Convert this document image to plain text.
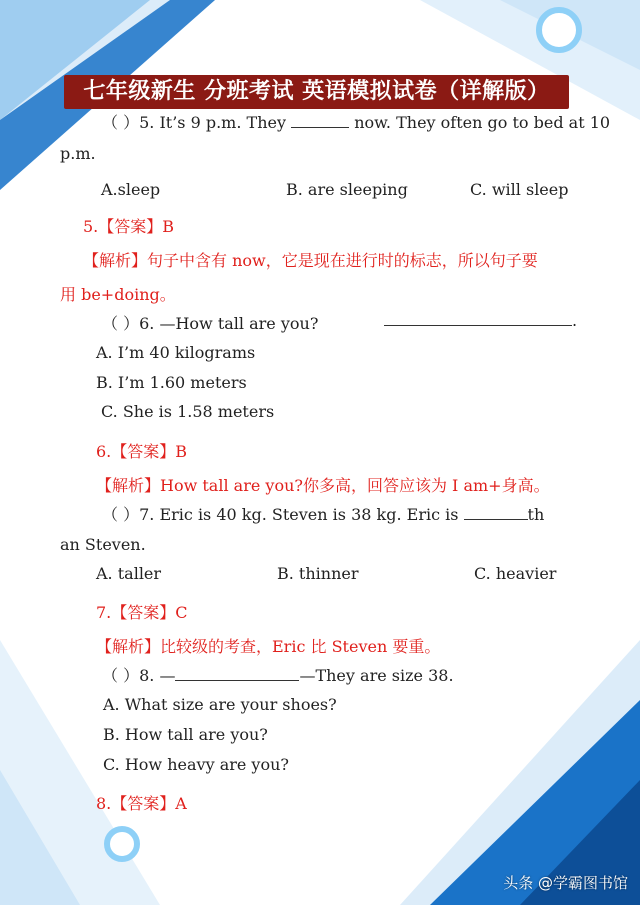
七年级新生 分班考试 英语模拟试卷（详解版）
（ ）5. It’s 9 p.m. They	now. They often go to bed at 10
p.m.
A.sleep	B. are sleeping	C. will sleep
5.【答案】B
【解析】句子中含有 now，它是现在进行时的标志，所以句子要
用 be+doing。
（ ）6. —How tall are you?	.
A. I’m 40 kilograms
B. I’m 1.60 meters
C. She is 1.58 meters
6.【答案】B
【解析】How tall are you?你多高，回答应该为 I am+身高。
（ ）7. Eric is 40 kg. Steven is 38 kg. Eric is	th
an Steven.
A. taller	B. thinner	C. heavier
7.【答案】C
【解析】比较级的考查，Eric 比 Steven 要重。
（ ）8. —	—They are size 38.
A. What size are your shoes?
B. How tall are you?
C. How heavy are you?
8.【答案】A
头条 @学霸图书馆
